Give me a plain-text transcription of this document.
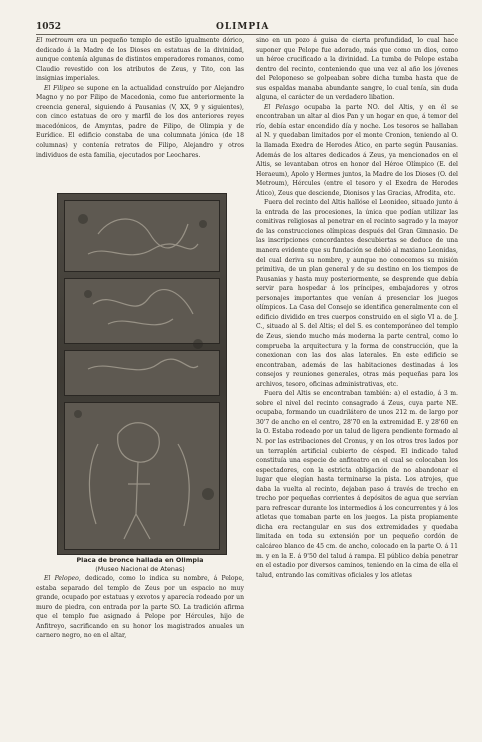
1052	OLIMPIA

El metroum era un pequeño templo de estilo igualmente dórico, dedicado á la Madre de los Dioses en estatuas de la divinidad, aunque contenía algunas de distintos emperadores romanos, como Claudio revestido con los atributos de Zeus, y Tito, con las insignias imperiales.

El Filipeo se supone en la actualidad construído por Alejandro Magno y no por Filipo de Macedonia, como fue anteriormente la creencia general, siguiendo á Pausanias (V, XX, 9 y siguientes), con cinco estatuas de oro y marfil de los dos anteriores reyes macedónicos, de Amyntas, padre de Filipo, de Olimpia y de Eurídice. El edificio constaba de una columnata jónica (de 18 columnas) y contenía retratos de Filipo, Alejandro y otros individuos de esta familia, ejecutados por Leochares.

Placa de bronce hallada en Olimpia
(Museo Nacional de Atenas)

El Pelopeo, dedicado, como lo indica su nombre, á Pelope, estaba separado del templo de Zeus por un espacio no muy grande, ocupado por estatuas y exvotos y aparecía rodeado por un muro de piedra, con entrada por la parte SO. La tradición afirma que el templo fue asignado á Pelope por Hércules, hijo de Anfitreyo, sacrificando en su honor los magistrados anuales un carnero negro, no en el altar,

sino en un pozo á guisa de cierta profundidad, lo cual hace suponer que Pelope fue adorado, más que como un dios, como un héroe crucificado a la divinidad. La tumba de Pelope estaba dentro del recinto, conteniendo que una vez al año los jóvenes del Peloponeso se golpeaban sobre dicha tumba hasta que de sus espaldas manaba abundante sangre, lo cual tenía, sin duda alguna, el carácter de un verdadero libation.

El Pelasgo ocupaba la parte NO. del Altis, y en él se encontraban un altar al dios Pan y un hogar en que, á temor del río, debía estar encendido día y noche. Los tesoros se hallaban al N. y quedaban limitados por el monte Cronion, teniendo al O. la llamada Exedra de Herodes Ático, en parte según Pausanias. Además de los altares dedicados á Zeus, ya mencionados en el Altis, se levantaban otros en honor del Héroe Olímpico (E. del Heraeum), Apolo y Hermes juntos, la Madre de los Dioses (O. del Metroum), Hércules (entre el tesoro y el Exedra de Herodes Ático), Zeus que desciende, Dionisos y las Gracias, Afrodita, etc.

Fuera del recinto del Altis hallóse el Leonideo, situado junto á la entrada de las procesiones, la única que podían utilizar las comitivas religiosas al penetrar en el recinto sagrado y la mayor de las construcciones olímpicas después del Gran Gimnasio. De las inscripciones concordantes descubiertas se deduce de una manera evidente que su fundación se debió al maxiano Leonidas, del cual deriva su nombre, y aunque no conocemos su misión primitiva, de un plan general y de su destino en los tiempos de Pausanias y hasta muy posteriormente, se desprende que debía servir para hospedar á los príncipes, embajadores y otros personajes importantes que venían á presenciar los juegos olímpicos. La Casa del Consejo se identifica generalmente con el edificio dividido en tres cuerpos construido en el siglo VI a. de J. C., situado al S. del Altis; el del S. es contemporáneo del templo de Zeus, siendo mucho más moderna la parte central, como lo comprueba la arquitectura y la forma de construcción, que la conexionan con las dos alas laterales. En este edificio se encontraban, además de las habitaciones destinadas á los consejos y reuniones generales, otras más pequeñas para los archivos, tesoro, oficinas administrativas, etc.

Fuera del Altis se encontraban también: a) el estadio, á 3 m. sobre el nivel del recinto consagrado á Zeus, cuya parte NE. ocupaba, formando un cuadrilátero de unos 212 m. de largo por 30'7 de ancho en el centro, 28'70 en la extremidad E. y 28'60 en la O. Estaba rodeado por un talud de ligera pendiente formado al N. por las estribaciones del Cronus, y en los otros tres lados por un terraplén artificial cubierto de césped. El indicado talud constituía una especie de anfiteatro en el cual se colocaban los espectadores, con la estricta obligación de no abandonar el lugar que elegían hasta terminarse la pista. Los atrojes, que daba la vuelta al recinto, dejaban paso á través de trecho en trecho por pequeñas corrientes á depósitos de agua que servían para refrescar durante los intermedios á los concurrentes y á los atletas que tomaban parte en los juegos. La pista propiamente dicha era rectangular en sus dos extremidades y quedaba limitada en toda su extensión por un pequeño cordón de calcáreo blanco de 45 cm. de ancho, colocado en la parte O. á 11 m. y en la E. á 9'50 del talud á rampa. El público debía penetrar en el estadio por diversos caminos, teniendo en la cima de ella el talud, entrando las comitivas oficiales y los atletas
